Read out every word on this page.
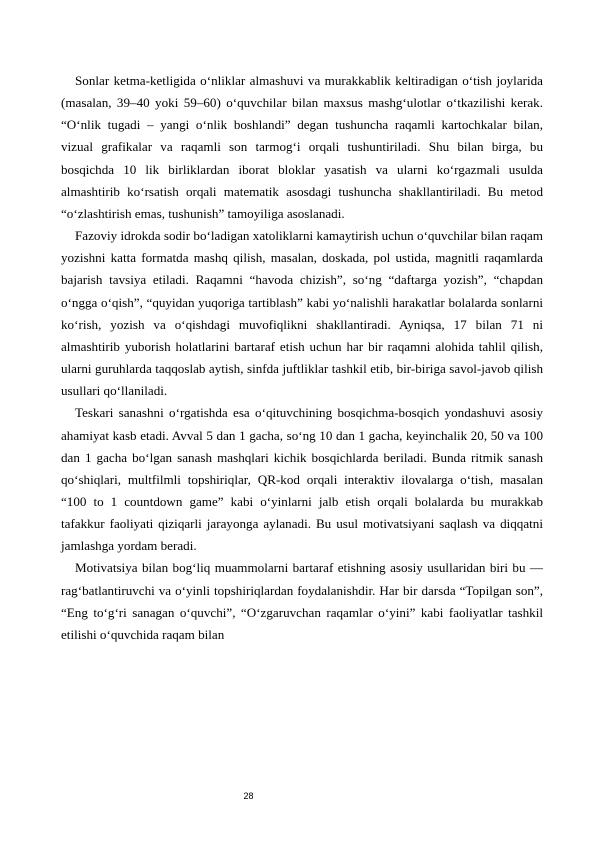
Sonlar ketma-ketligida o‘nliklar almashuvi va murakkablik keltiradigan o‘tish joylarida (masalan, 39–40 yoki 59–60) o‘quvchilar bilan maxsus mashg‘ulotlar o‘tkazilishi kerak. “O‘nlik tugadi – yangi o‘nlik boshlandi” degan tushuncha raqamli kartochkalar bilan, vizual grafikalar va raqamli son tarmog‘i orqali tushuntiriladi. Shu bilan birga, bu bosqichda 10 lik birliklardan iborat bloklar yasatish va ularni ko‘rgazmali usulda almashtirib ko‘rsatish orqali matematik asosdagi tushuncha shakllantiriladi. Bu metod “o‘zlashtirish emas, tushunish” tamoyiliga asoslanadi.

Fazoviy idrokda sodir bo‘ladigan xatoliklarni kamaytirish uchun o‘quvchilar bilan raqam yozishni katta formatda mashq qilish, masalan, doskada, pol ustida, magnitli raqamlarda bajarish tavsiya etiladi. Raqamni “havoda chizish”, so‘ng “daftarga yozish”, “chapdan o‘ngga o‘qish”, “quyidan yuqoriga tartiblash” kabi yo‘nalishli harakatlar bolalarda sonlarni ko‘rish, yozish va o‘qishdagi muvofiqlikni shakllantiradi. Ayniqsa, 17 bilan 71 ni almashtirib yuborish holatlarini bartaraf etish uchun har bir raqamni alohida tahlil qilish, ularni guruhlarda taqqoslab aytish, sinfda juftliklar tashkil etib, bir-biriga savol-javob qilish usullari qo‘llaniladi.

Teskari sanashni o‘rgatishda esa o‘qituvchining bosqichma-bosqich yondashuvi asosiy ahamiyat kasb etadi. Avval 5 dan 1 gacha, so‘ng 10 dan 1 gacha, keyinchalik 20, 50 va 100 dan 1 gacha bo‘lgan sanash mashqlari kichik bosqichlarda beriladi. Bunda ritmik sanash qo‘shiqlari, multfilmli topshiriqlar, QR-kod orqali interaktiv ilovalarga o‘tish, masalan “100 to 1 countdown game” kabi o‘yinlarni jalb etish orqali bolalarda bu murakkab tafakkur faoliyati qiziqarli jarayonga aylanadi. Bu usul motivatsiyani saqlash va diqqatni jamlashga yordam beradi.

Motivatsiya bilan bog‘liq muammolarni bartaraf etishning asosiy usullaridan biri bu — rag‘batlantiruvchi va o‘yinli topshiriqlardan foydalanishdir. Har bir darsda “Topilgan son”, “Eng to‘g‘ri sanagan o‘quvchi”, “O‘zgaruvchan raqamlar o‘yini” kabi faoliyatlar tashkil etilishi o‘quvchida raqam bilan

28
